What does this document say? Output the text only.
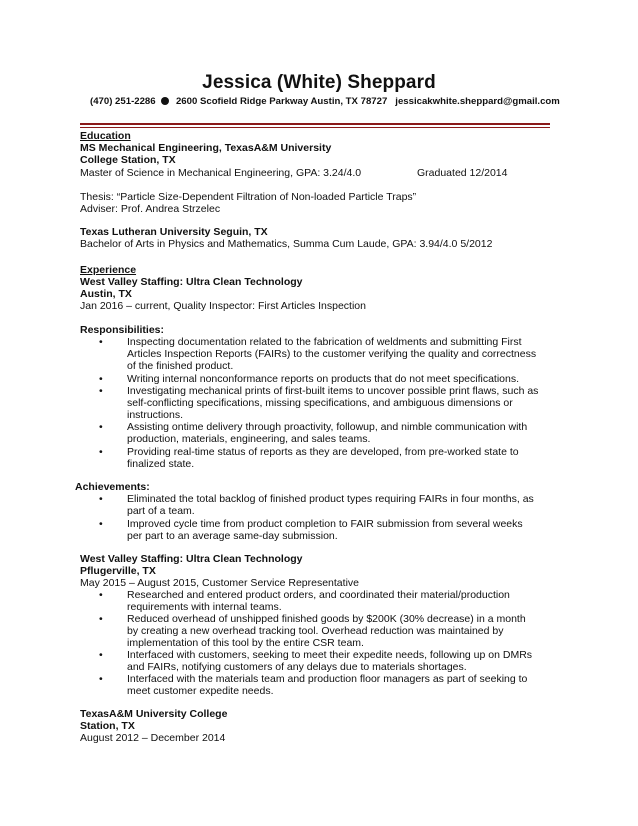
Jessica (White) Sheppard
(470) 251-2286 2600 Scofield Ridge Parkway Austin, TX 78727 jessicakwhite.sheppard@gmail.com
Education
MS Mechanical Engineering, TexasA&M University
College Station, TX
Master of Science in Mechanical Engineering, GPA: 3.24/4.0	Graduated 12/2014
Thesis: “Particle Size-Dependent Filtration of Non-loaded Particle Traps”
Adviser: Prof. Andrea Strzelec
Texas Lutheran University Seguin, TX
Bachelor of Arts in Physics and Mathematics, Summa Cum Laude, GPA: 3.94/4.0 5/2012
Experience
West Valley Staffing: Ultra Clean Technology
Austin, TX
Jan 2016 – current, Quality Inspector: First Articles Inspection
Responsibilities:
• Inspecting documentation related to the fabrication of weldments and submitting First Articles Inspection Reports (FAIRs) to the customer verifying the quality and correctness of the finished product.
• Writing internal nonconformance reports on products that do not meet specifications.
• Investigating mechanical prints of first-built items to uncover possible print flaws, such as self-conflicting specifications, missing specifications, and ambiguous dimensions or instructions.
• Assisting ontime delivery through proactivity, followup, and nimble communication with production, materials, engineering, and sales teams.
• Providing real-time status of reports as they are developed, from pre-worked state to finalized state.
Achievements:
• Eliminated the total backlog of finished product types requiring FAIRs in four months, as part of a team.
• Improved cycle time from product completion to FAIR submission from several weeks per part to an average same-day submission.
West Valley Staffing: Ultra Clean Technology
Pflugerville, TX
May 2015 – August 2015, Customer Service Representative
• Researched and entered product orders, and coordinated their material/production requirements with internal teams.
• Reduced overhead of unshipped finished goods by $200K (30% decrease) in a month by creating a new overhead tracking tool. Overhead reduction was maintained by implementation of this tool by the entire CSR team.
• Interfaced with customers, seeking to meet their expedite needs, following up on DMRs and FAIRs, notifying customers of any delays due to materials shortages.
• Interfaced with the materials team and production floor managers as part of seeking to meet customer expedite needs.
TexasA&M University College
Station, TX
August 2012 – December 2014
